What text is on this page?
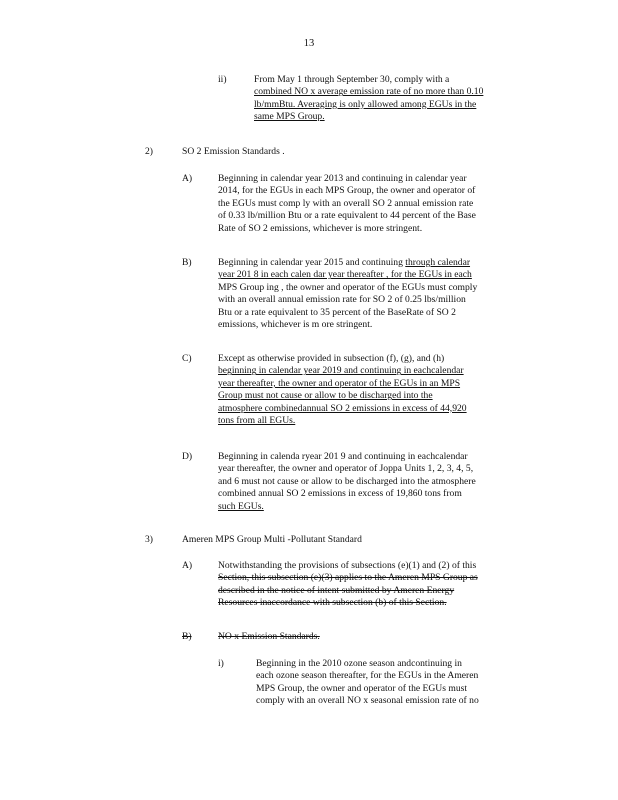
13
ii)	From May 1 through September 30, comply with a
combined NO x average emission rate of no more than 0.10
lb/mmBtu. Averaging is only allowed among EGUs in the
same MPS Group.
2)	SO 2 Emission Standards .
A)	Beginning in calendar year 2013 and continuing in calendar year
2014, for the EGUs in each MPS Group, the owner and operator of
the EGUs must comp ly with an overall SO 2 annual emission rate
of 0.33 lb/million Btu or a rate equivalent to 44 percent of the Base
Rate of SO 2 emissions, whichever is more stringent.
B)	Beginning in calendar year 2015 and continuing through calendar
year 201 8 in each calen dar year thereafter , for the EGUs in each
MPS Group ing , the owner and operator of the EGUs must comply
with an overall annual emission rate for SO 2 of 0.25 lbs/million
Btu or a rate equivalent to 35 percent of the BaseRate of SO 2
emissions, whichever is m ore stringent.
C)	Except as otherwise provided in subsection (f), (g), and (h)
beginning in calendar year 2019 and continuing in eachcalendar
year thereafter, the owner and operator of the EGUs in an MPS
Group must not cause or allow to be discharged into the
atmosphere combinedannual SO 2 emissions in excess of 44,920
tons from all EGUs.
D)	Beginning in calenda ryear 201 9 and continuing in eachcalendar
year thereafter, the owner and operator of Joppa Units 1, 2, 3, 4, 5,
and 6 must not cause or allow to be discharged into the atmosphere
combined annual SO 2 emissions in excess of 19,860 tons from
such EGUs.
3)	Ameren MPS Group Multi -Pollutant Standard
A)	Notwithstanding the provisions of subsections (e)(1) and (2) of this
Section, this subsection (e)(3) applies to the Ameren MPS Group as
described in the notice of intent submitted by Ameren Energy
Resources inaccordance with subsection (b) of this Section.
B)	NO x Emission Standards.
i)	Beginning in the 2010 ozone season andcontinuing in
each ozone season thereafter, for the EGUs in the Ameren
MPS Group, the owner and operator of the EGUs must
comply with an overall NO x seasonal emission rate of no
